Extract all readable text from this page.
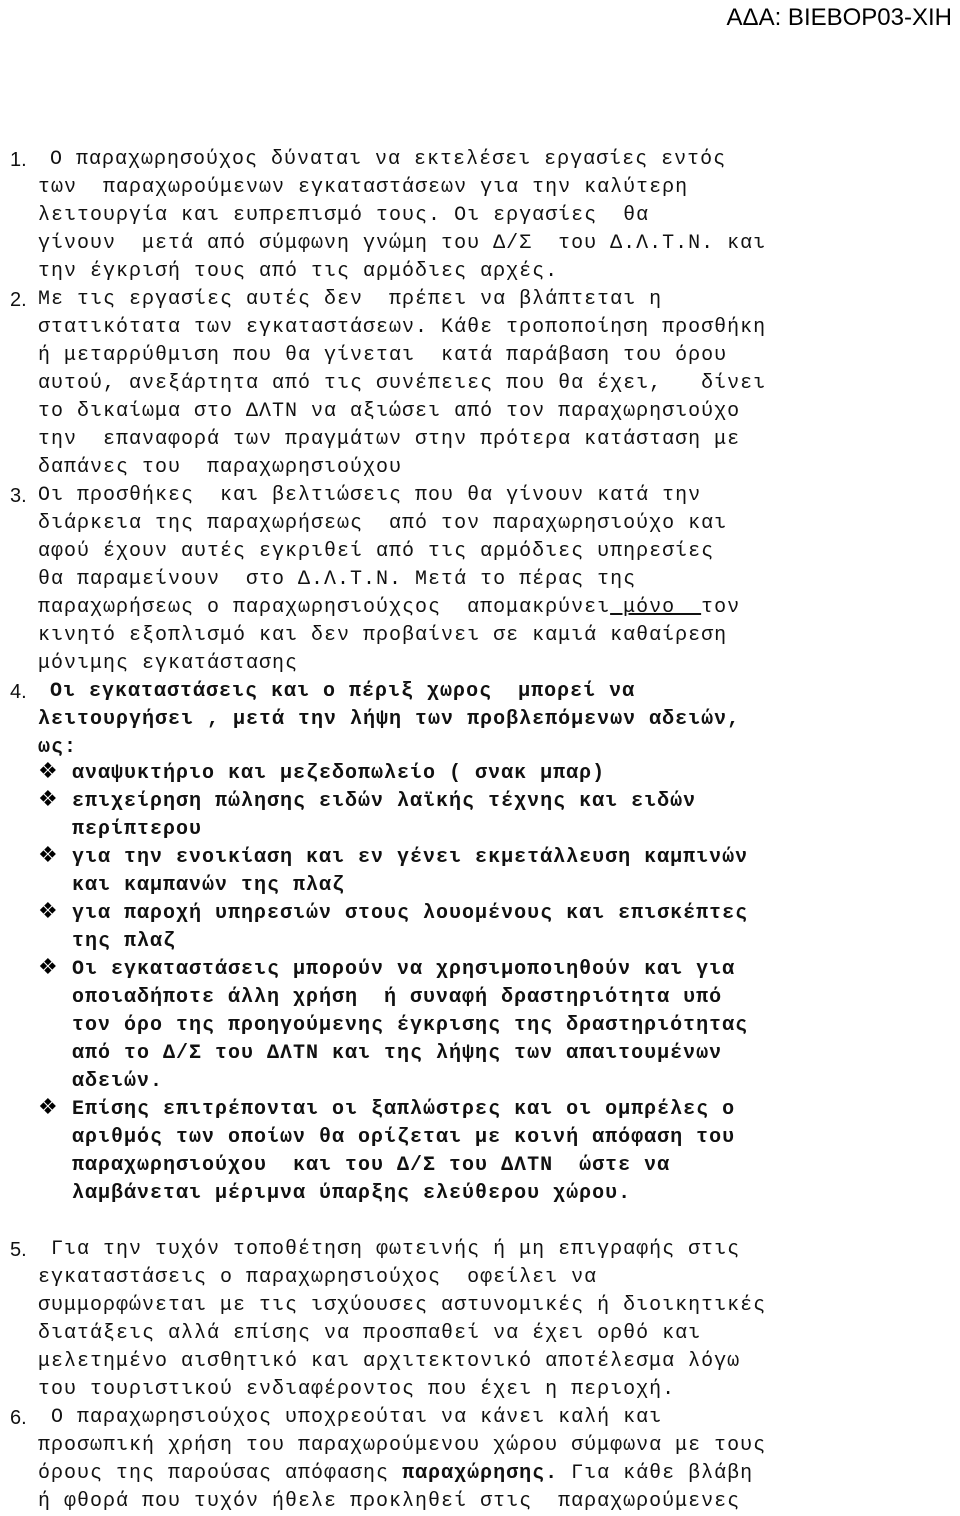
ΑΔΑ: ΒΙΕΒΟΡ03-ΧΙΗ
1. Ο παραχωρησούχος δύναται να εκτελέσει εργασίες εντός
των  παραχωρούμενων εγκαταστάσεων για την καλύτερη
λειτουργία και ευπρεπισμό τους. Οι εργασίες  θα
γίνουν  μετά από σύμφωνη γνώμη του Δ/Σ  του Δ.Λ.Τ.Ν. και
την έγκρισή τους από τις αρμόδιες αρχές.
2. Με τις εργασίες αυτές δεν  πρέπει να βλάπτεται η
στατικότατα των εγκαταστάσεων. Κάθε τροποποίηση προσθήκη
ή μεταρρύθμιση που θα γίνεται  κατά παράβαση του όρου
αυτού, ανεξάρτητα από τις συνέπειες που θα έχει,   δίνει
το δικαίωμα στο ΔΛΤΝ να αξιώσει από τον παραχωρησιούχο
την  επαναφορά των πραγμάτων στην πρότερα κατάσταση με
δαπάνες του  παραχωρησιούχου
3. Οι προσθήκες  και βελτιώσεις που θα γίνουν κατά την
διάρκεια της παραχωρήσεως  από τον παραχωρησιούχο και
αφού έχουν αυτές εγκριθεί από τις αρμόδιες υπηρεσίες
θα παραμείνουν  στο Δ.Λ.Τ.Ν. Μετά το πέρας της
παραχωρήσεως ο παραχωρησιούχςος  απομακρύνει μόνο  τον
κινητό εξοπλισμό και δεν προβαίνει σε καμιά καθαίρεση
μόνιμης εγκατάστασης
4. Οι εγκαταστάσεις και ο πέριξ χωρος  μπορεί να
λειτουργήσει , μετά την λήψη των προβλεπόμενων αδειών,
ως:
❖ αναψυκτήριο και μεζεδοπωλείο ( σνακ μπαρ)
❖ επιχείρηση πώλησης ειδών λαϊκής τέχνης και ειδών
περίπτερου
❖ για την ενοικίαση και εν γένει εκμετάλλευση καμπινών
και καμπανών της πλαζ
❖ για παροχή υπηρεσιών στους λουομένους και επισκέπτες
της πλαζ
❖ Οι εγκαταστάσεις μπορούν να χρησιμοποιηθούν και για
οποιαδήποτε άλλη χρήση  ή συναφή δραστηριότητα υπό
τον όρο της προηγούμενης έγκρισης της δραστηριότητας
από το Δ/Σ του ΔΛΤΝ και της λήψης των απαιτουμένων
αδειών.
❖ Επίσης επιτρέπονται οι ξαπλώστρες και οι ομπρέλες ο
αριθμός των οποίων θα ορίζεται με κοινή απόφαση του
παραχωρησιούχου  και του Δ/Σ του ΔΛΤΝ  ώστε να
λαμβάνεται μέριμνα ύπαρξης ελεύθερου χώρου.
5. Για την τυχόν τοποθέτηση φωτεινής ή μη επιγραφής στις
εγκαταστάσεις ο παραχωρησιούχος  οφείλει να
συμμορφώνεται με τις ισχύουσες αστυνομικές ή διοικητικές
διατάξεις αλλά επίσης να προσπαθεί να έχει ορθό και
μελετημένο αισθητικό και αρχιτεκτονικό αποτέλεσμα λόγω
του τουριστικού ενδιαφέροντος που έχει η περιοχή.
6. Ο παραχωρησιούχος υποχρεούται να κάνει καλή και
προσωπική χρήση του παραχωρούμενου χώρου σύμφωνα με τους
όρους της παρούσας απόφασης παραχώρησης. Για κάθε βλάβη
ή φθορά που τυχόν ήθελε προκληθεί στις  παραχωρούμενες
